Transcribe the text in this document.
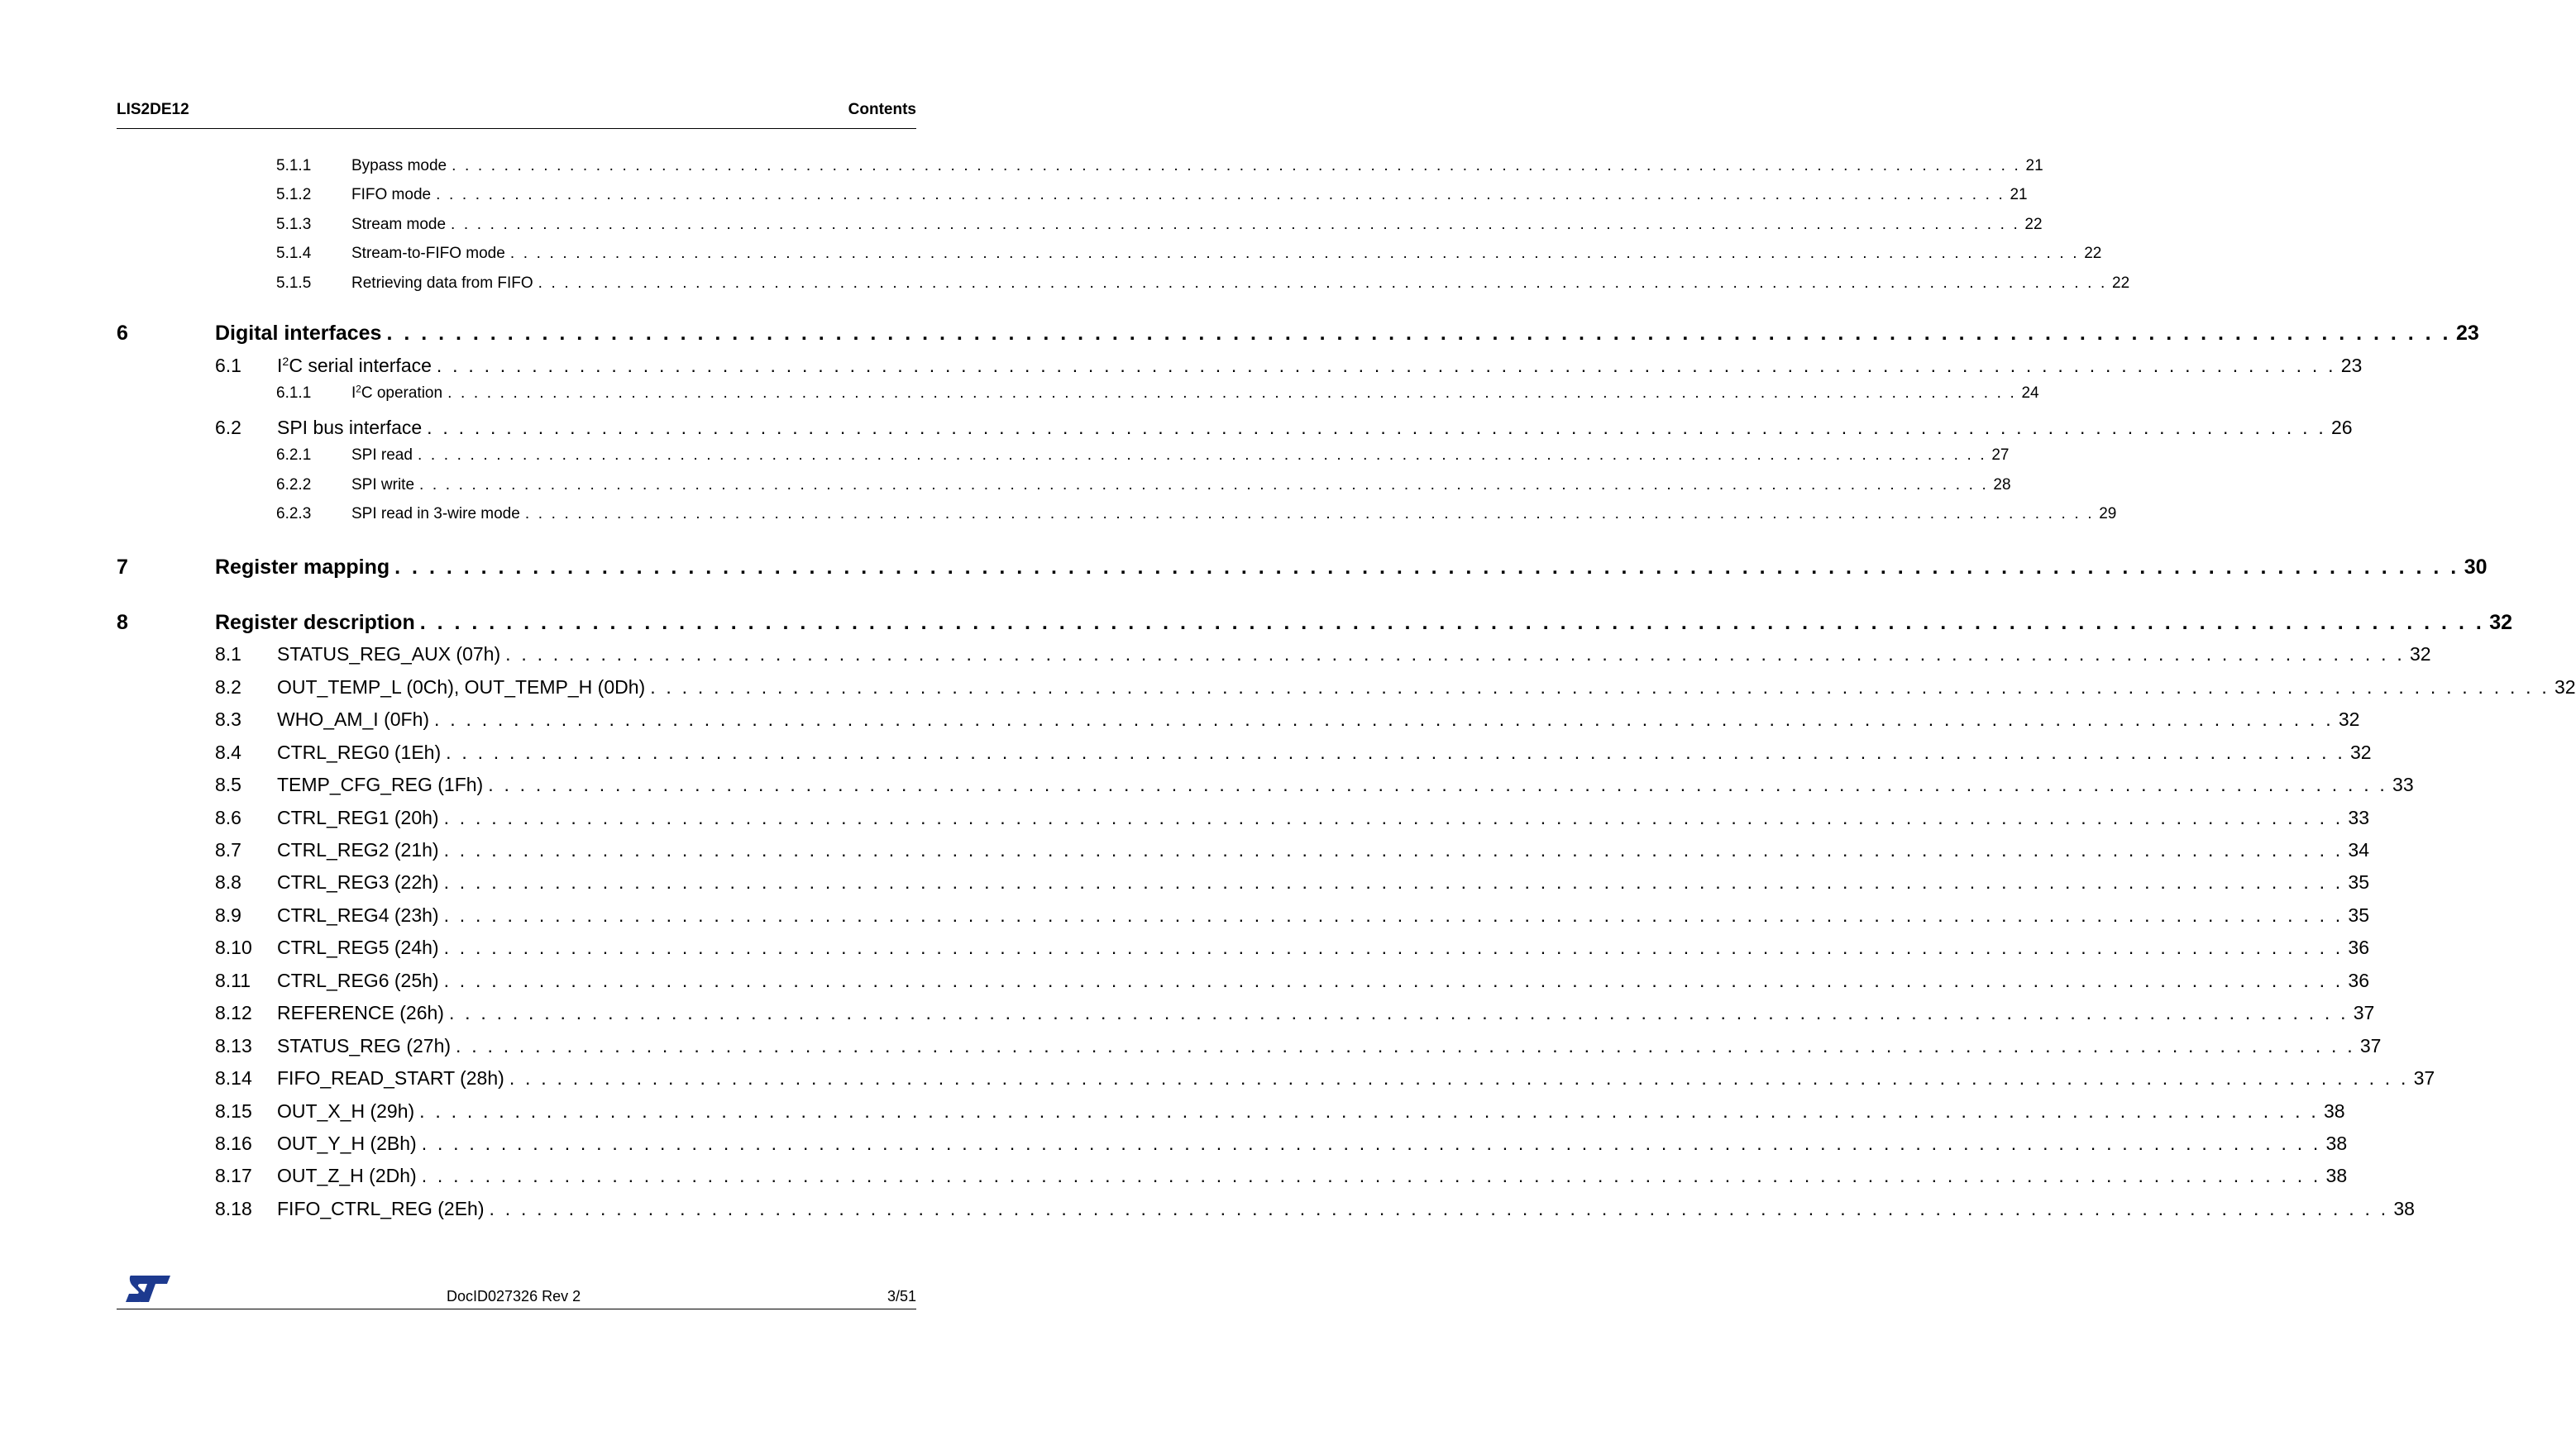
LIS2DE12	Contents
5.1.1	Bypass mode . . . . . . . . . . . . . . . . . . . . . . . . . . . . . . . . . . . . . . . . . . . . . . . . . . . . . . . . . . . . . . . . . . . . . . . . . . . . . . . . . . . . . . . . . . . . . . . . . . . . . . . . . . . . . . . . . . . . . . . . 21
5.1.2	FIFO mode . . . . . . . . . . . . . . . . . . . . . . . . . . . . . . . . . . . . . . . . . . . . . . . . . . . . . . . . . . . . . . . . . . . . . . . . . . . . . . . . . . . . . . . . . . . . . . . . . . . . . . . . . . . . . . . . . . . . . . . . 21
5.1.3	Stream mode . . . . . . . . . . . . . . . . . . . . . . . . . . . . . . . . . . . . . . . . . . . . . . . . . . . . . . . . . . . . . . . . . . . . . . . . . . . . . . . . . . . . . . . . . . . . . . . . . . . . . . . . . . . . . . . . . . . . . . . . 22
5.1.4	Stream-to-FIFO mode . . . . . . . . . . . . . . . . . . . . . . . . . . . . . . . . . . . . . . . . . . . . . . . . . . . . . . . . . . . . . . . . . . . . . . . . . . . . . . . . . . . . . . . . . . . . . . . . . . . . . . . . . . . . . . . . . . . . . . . . 22
5.1.5	Retrieving data from FIFO . . . . . . . . . . . . . . . . . . . . . . . . . . . . . . . . . . . . . . . . . . . . . . . . . . . . . . . . . . . . . . . . . . . . . . . . . . . . . . . . . . . . . . . . . . . . . . . . . . . . . . . . . . . . . . . . . . . . . . . . 22
6	Digital interfaces . . . . . . . . . . . . . . . . . . . . . . . . . . . . . . . . . . . . . . . . . . . . . . . . . . . . . . . . . . . . . . . . . . . . . . . . . . . . . . . . . . . . . . . . . . . . . . . . . . . . . . . . . . . . . . . . . . . . . . . . 23
6.1 $I^2C$ serial interface . . . . . . . . . . . . . . . . . . . . . . . . . . . . . . . . . . . . . . . . . . . . . . . . . . . . . . . . . . . . . . . . . . . . . . . . . . . . . . . . . . . . . . . . . . . . . . . . . . . . . . . . . . . . . . . . . . . . . . . . 23
6.1.1	$I^2C$ operation . . . . . . . . . . . . . . . . . . . . . . . . . . . . . . . . . . . . . . . . . . . . . . . . . . . . . . . . . . . . . . . . . . . . . . . . . . . . . . . . . . . . . . . . . . . . . . . . . . . . . . . . . . . . . . . . . . . . . . . . 24
6.2 SPI bus interface . . . . . . . . . . . . . . . . . . . . . . . . . . . . . . . . . . . . . . . . . . . . . . . . . . . . . . . . . . . . . . . . . . . . . . . . . . . . . . . . . . . . . . . . . . . . . . . . . . . . . . . . . . . . . . . . . . . . . . . . 26
6.2.1	SPI read . . . . . . . . . . . . . . . . . . . . . . . . . . . . . . . . . . . . . . . . . . . . . . . . . . . . . . . . . . . . . . . . . . . . . . . . . . . . . . . . . . . . . . . . . . . . . . . . . . . . . . . . . . . . . . . . . . . . . . . . 27
6.2.2	SPI write . . . . . . . . . . . . . . . . . . . . . . . . . . . . . . . . . . . . . . . . . . . . . . . . . . . . . . . . . . . . . . . . . . . . . . . . . . . . . . . . . . . . . . . . . . . . . . . . . . . . . . . . . . . . . . . . . . . . . . . . 28
6.2.3	SPI read in 3-wire mode . . . . . . . . . . . . . . . . . . . . . . . . . . . . . . . . . . . . . . . . . . . . . . . . . . . . . . . . . . . . . . . . . . . . . . . . . . . . . . . . . . . . . . . . . . . . . . . . . . . . . . . . . . . . . . . . . . . . . . . . 29
7	Register mapping . . . . . . . . . . . . . . . . . . . . . . . . . . . . . . . . . . . . . . . . . . . . . . . . . . . . . . . . . . . . . . . . . . . . . . . . . . . . . . . . . . . . . . . . . . . . . . . . . . . . . . . . . . . . . . . . . . . . . . . . 30
8	Register description . . . . . . . . . . . . . . . . . . . . . . . . . . . . . . . . . . . . . . . . . . . . . . . . . . . . . . . . . . . . . . . . . . . . . . . . . . . . . . . . . . . . . . . . . . . . . . . . . . . . . . . . . . . . . . . . . . . . . . . . 32
8.1 STATUS_REG_AUX (07h) . . . . . . . . . . . . . . . . . . . . . . . . . . . . . . . . . . . . . . . . . . . . . . . . . . . . . . . . . . . . . . . . . . . . . . . . . . . . . . . . . . . . . . . . . . . . . . . . . . . . . . . . . . . . . . . . . . . . . . . . 32
8.2 OUT_TEMP_L (0Ch), OUT_TEMP_H (0Dh) . . . . . . . . . . . . . . . . . . . . . . . . . . . . . . . . . . . . . . . . . . . . . . . . . . . . . . . . . . . . . . . . . . . . . . . . . . . . . . . . . . . . . . . . . . . . . . . . . . . . . . . . . . . . . . . . . . . . . . . . 32
8.3 WHO_AM_I (0Fh) . . . . . . . . . . . . . . . . . . . . . . . . . . . . . . . . . . . . . . . . . . . . . . . . . . . . . . . . . . . . . . . . . . . . . . . . . . . . . . . . . . . . . . . . . . . . . . . . . . . . . . . . . . . . . . . . . . . . . . . . 32
8.4 CTRL_REG0 (1Eh) . . . . . . . . . . . . . . . . . . . . . . . . . . . . . . . . . . . . . . . . . . . . . . . . . . . . . . . . . . . . . . . . . . . . . . . . . . . . . . . . . . . . . . . . . . . . . . . . . . . . . . . . . . . . . . . . . . . . . . . . 32
8.5 TEMP_CFG_REG (1Fh) . . . . . . . . . . . . . . . . . . . . . . . . . . . . . . . . . . . . . . . . . . . . . . . . . . . . . . . . . . . . . . . . . . . . . . . . . . . . . . . . . . . . . . . . . . . . . . . . . . . . . . . . . . . . . . . . . . . . . . . . 33
8.6 CTRL_REG1 (20h) . . . . . . . . . . . . . . . . . . . . . . . . . . . . . . . . . . . . . . . . . . . . . . . . . . . . . . . . . . . . . . . . . . . . . . . . . . . . . . . . . . . . . . . . . . . . . . . . . . . . . . . . . . . . . . . . . . . . . . . . 33
8.7 CTRL_REG2 (21h) . . . . . . . . . . . . . . . . . . . . . . . . . . . . . . . . . . . . . . . . . . . . . . . . . . . . . . . . . . . . . . . . . . . . . . . . . . . . . . . . . . . . . . . . . . . . . . . . . . . . . . . . . . . . . . . . . . . . . . . . 34
8.8 CTRL_REG3 (22h) . . . . . . . . . . . . . . . . . . . . . . . . . . . . . . . . . . . . . . . . . . . . . . . . . . . . . . . . . . . . . . . . . . . . . . . . . . . . . . . . . . . . . . . . . . . . . . . . . . . . . . . . . . . . . . . . . . . . . . . . 35
8.9 CTRL_REG4 (23h) . . . . . . . . . . . . . . . . . . . . . . . . . . . . . . . . . . . . . . . . . . . . . . . . . . . . . . . . . . . . . . . . . . . . . . . . . . . . . . . . . . . . . . . . . . . . . . . . . . . . . . . . . . . . . . . . . . . . . . . . 35
8.10 CTRL_REG5 (24h) . . . . . . . . . . . . . . . . . . . . . . . . . . . . . . . . . . . . . . . . . . . . . . . . . . . . . . . . . . . . . . . . . . . . . . . . . . . . . . . . . . . . . . . . . . . . . . . . . . . . . . . . . . . . . . . . . . . . . . . . 36
8.11 CTRL_REG6 (25h) . . . . . . . . . . . . . . . . . . . . . . . . . . . . . . . . . . . . . . . . . . . . . . . . . . . . . . . . . . . . . . . . . . . . . . . . . . . . . . . . . . . . . . . . . . . . . . . . . . . . . . . . . . . . . . . . . . . . . . . . 36
8.12 REFERENCE (26h) . . . . . . . . . . . . . . . . . . . . . . . . . . . . . . . . . . . . . . . . . . . . . . . . . . . . . . . . . . . . . . . . . . . . . . . . . . . . . . . . . . . . . . . . . . . . . . . . . . . . . . . . . . . . . . . . . . . . . . . . 37
8.13 STATUS_REG (27h) . . . . . . . . . . . . . . . . . . . . . . . . . . . . . . . . . . . . . . . . . . . . . . . . . . . . . . . . . . . . . . . . . . . . . . . . . . . . . . . . . . . . . . . . . . . . . . . . . . . . . . . . . . . . . . . . . . . . . . . . 37
8.14 FIFO_READ_START (28h) . . . . . . . . . . . . . . . . . . . . . . . . . . . . . . . . . . . . . . . . . . . . . . . . . . . . . . . . . . . . . . . . . . . . . . . . . . . . . . . . . . . . . . . . . . . . . . . . . . . . . . . . . . . . . . . . . . . . . . . . 37
8.15 OUT_X_H (29h) . . . . . . . . . . . . . . . . . . . . . . . . . . . . . . . . . . . . . . . . . . . . . . . . . . . . . . . . . . . . . . . . . . . . . . . . . . . . . . . . . . . . . . . . . . . . . . . . . . . . . . . . . . . . . . . . . . . . . . . . 38
8.16 OUT_Y_H (2Bh) . . . . . . . . . . . . . . . . . . . . . . . . . . . . . . . . . . . . . . . . . . . . . . . . . . . . . . . . . . . . . . . . . . . . . . . . . . . . . . . . . . . . . . . . . . . . . . . . . . . . . . . . . . . . . . . . . . . . . . . . 38
8.17 OUT_Z_H (2Dh) . . . . . . . . . . . . . . . . . . . . . . . . . . . . . . . . . . . . . . . . . . . . . . . . . . . . . . . . . . . . . . . . . . . . . . . . . . . . . . . . . . . . . . . . . . . . . . . . . . . . . . . . . . . . . . . . . . . . . . . . 38
8.18 FIFO_CTRL_REG (2Eh) . . . . . . . . . . . . . . . . . . . . . . . . . . . . . . . . . . . . . . . . . . . . . . . . . . . . . . . . . . . . . . . . . . . . . . . . . . . . . . . . . . . . . . . . . . . . . . . . . . . . . . . . . . . . . . . . . . . . . . . . 38
DocID027326 Rev 2	3/51
